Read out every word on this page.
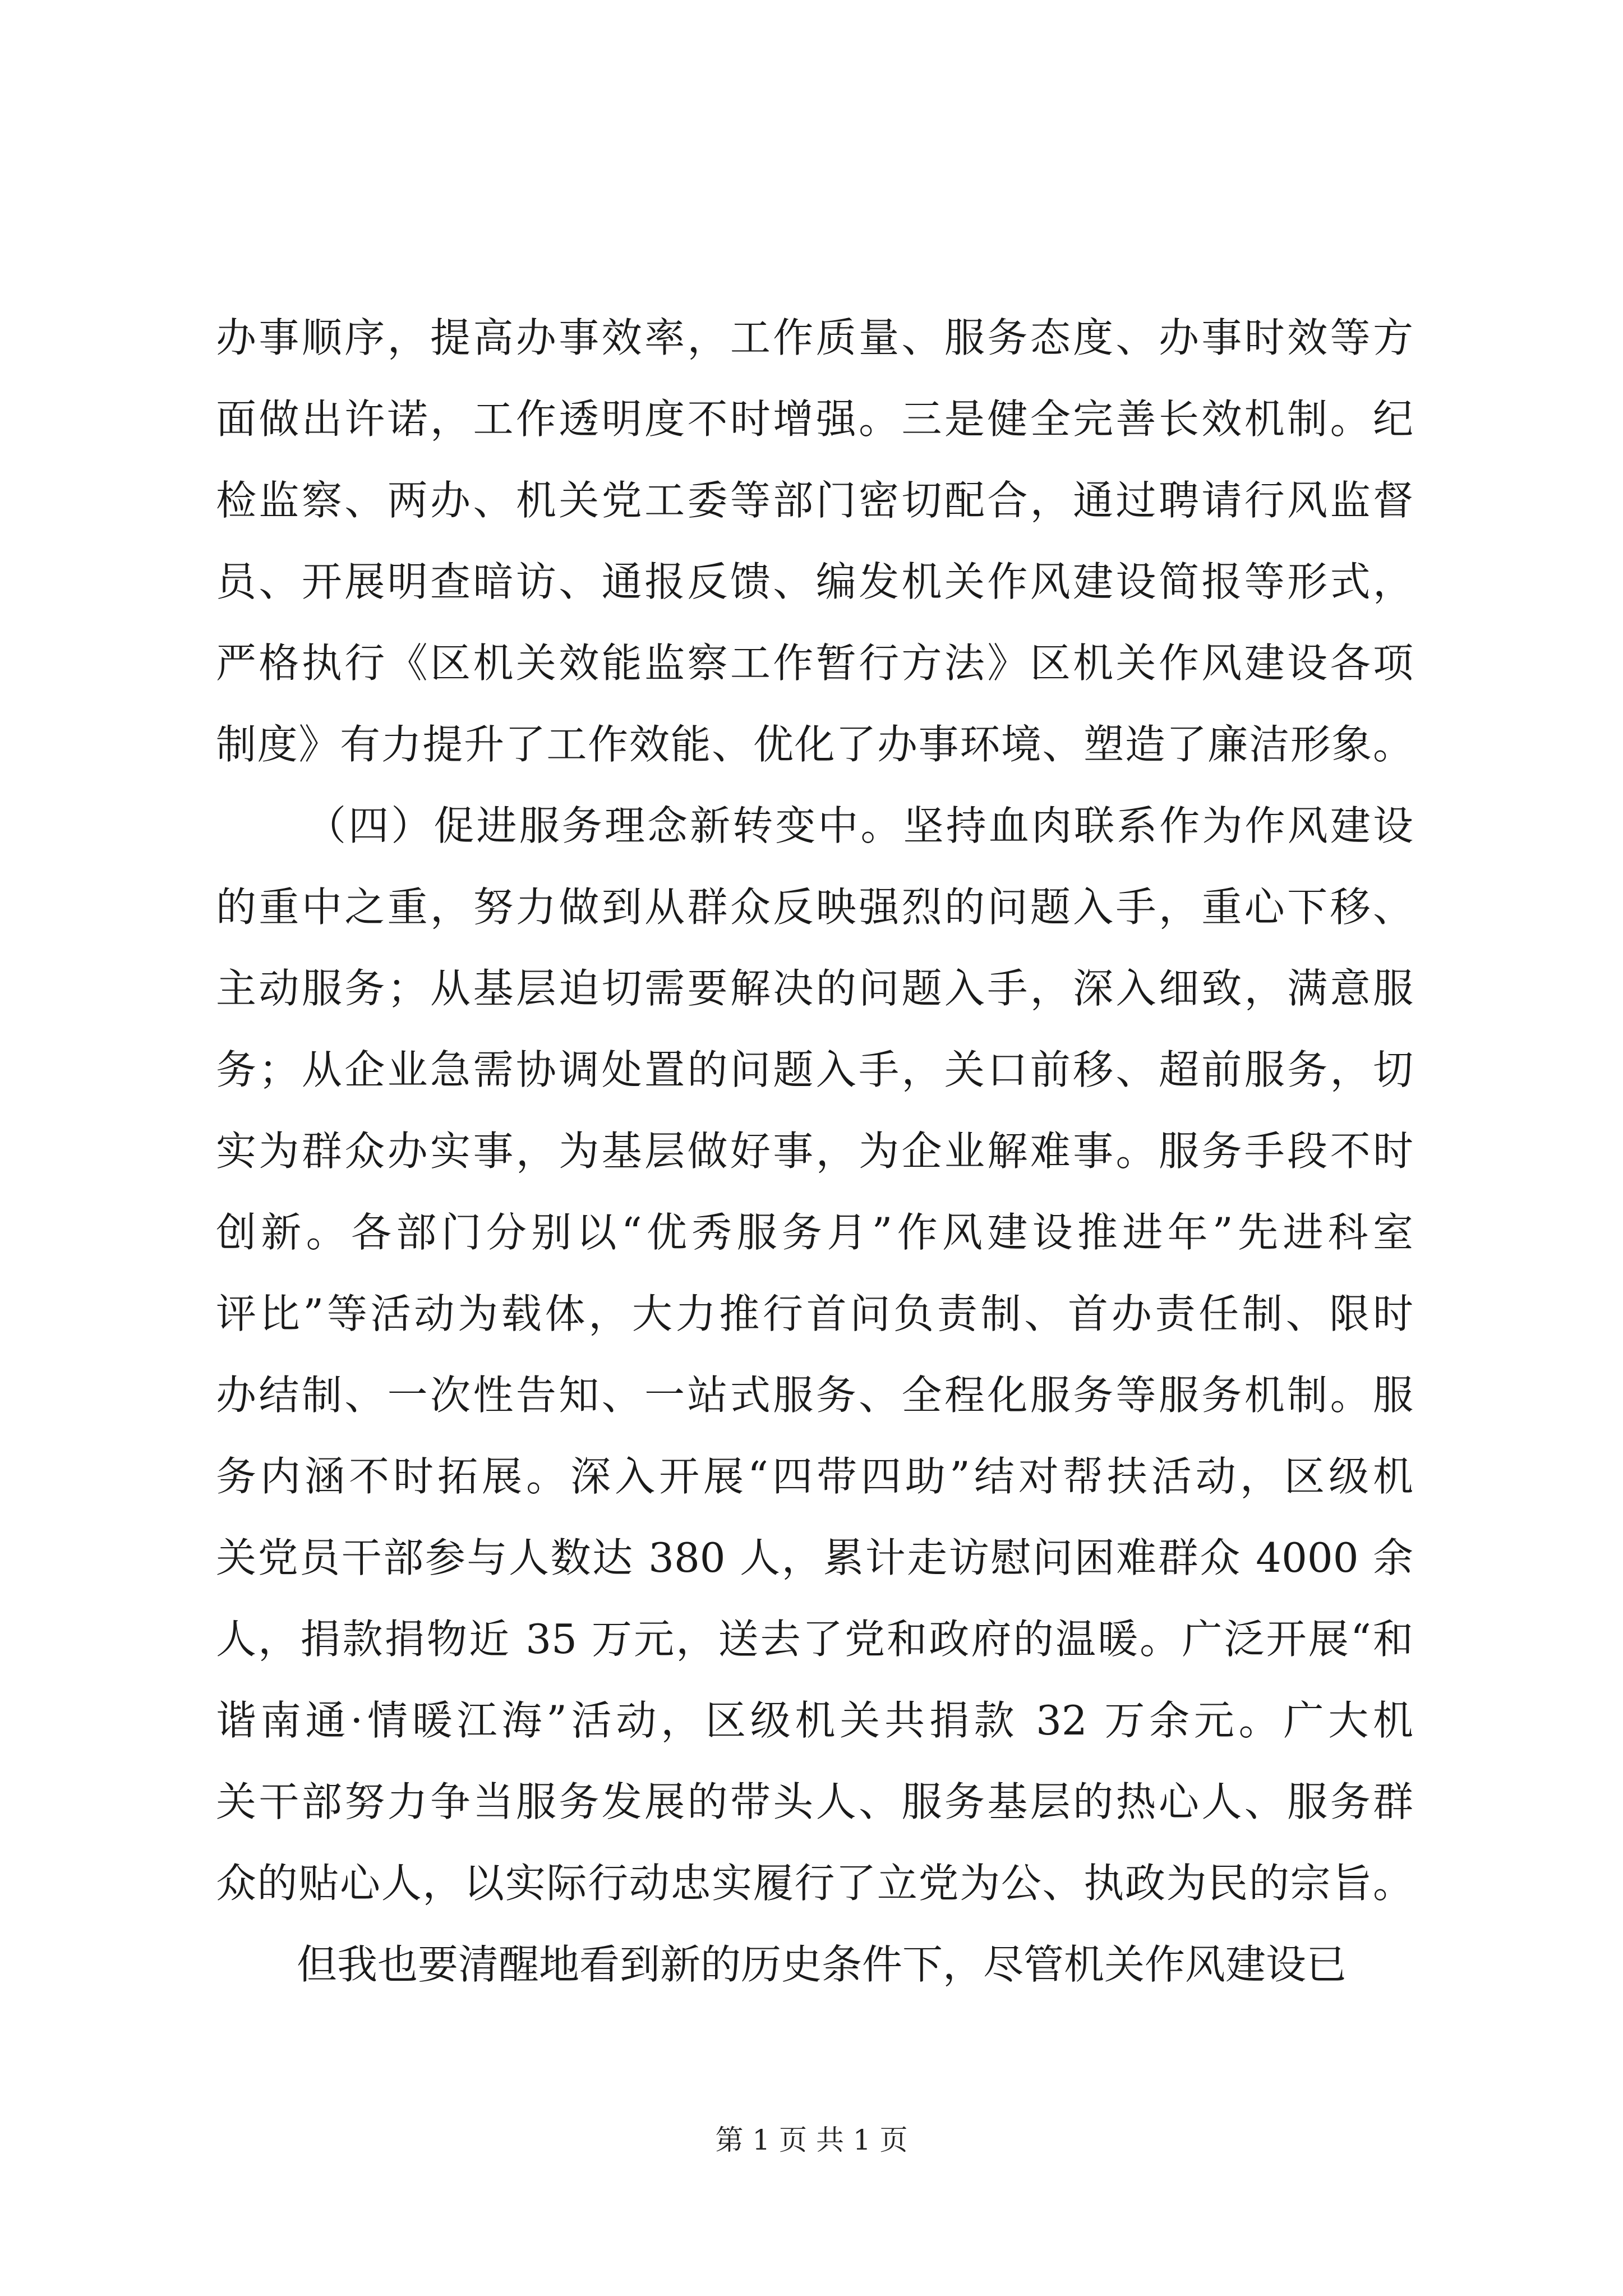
办事顺序，提高办事效率，工作质量、服务态度、办事时效等方
面做出许诺，工作透明度不时增强。三是健全完善长效机制。纪
检监察、两办、机关党工委等部门密切配合，通过聘请行风监督
员、开展明查暗访、通报反馈、编发机关作风建设简报等形式，
严格执行《区机关效能监察工作暂行方法》区机关作风建设各项
制度》有力提升了工作效能、优化了办事环境、塑造了廉洁形象。
（四）促进服务理念新转变中。坚持血肉联系作为作风建设
的重中之重，努力做到从群众反映强烈的问题入手，重心下移、
主动服务；从基层迫切需要解决的问题入手，深入细致，满意服
务；从企业急需协调处置的问题入手，关口前移、超前服务，切
实为群众办实事，为基层做好事，为企业解难事。服务手段不时
创新。各部门分别以“优秀服务月”作风建设推进年”先进科室
评比”等活动为载体，大力推行首问负责制、首办责任制、限时
办结制、一次性告知、一站式服务、全程化服务等服务机制。服
务内涵不时拓展。深入开展“四带四助”结对帮扶活动，区级机
关党员干部参与人数达 380 人，累计走访慰问困难群众 4000 余
人，捐款捐物近 35 万元，送去了党和政府的温暖。广泛开展“和
谐南通·情暖江海”活动，区级机关共捐款 32 万余元。广大机
关干部努力争当服务发展的带头人、服务基层的热心人、服务群
众的贴心人，以实际行动忠实履行了立党为公、执政为民的宗旨。
但我也要清醒地看到新的历史条件下，尽管机关作风建设已
第 1 页 共 1 页
